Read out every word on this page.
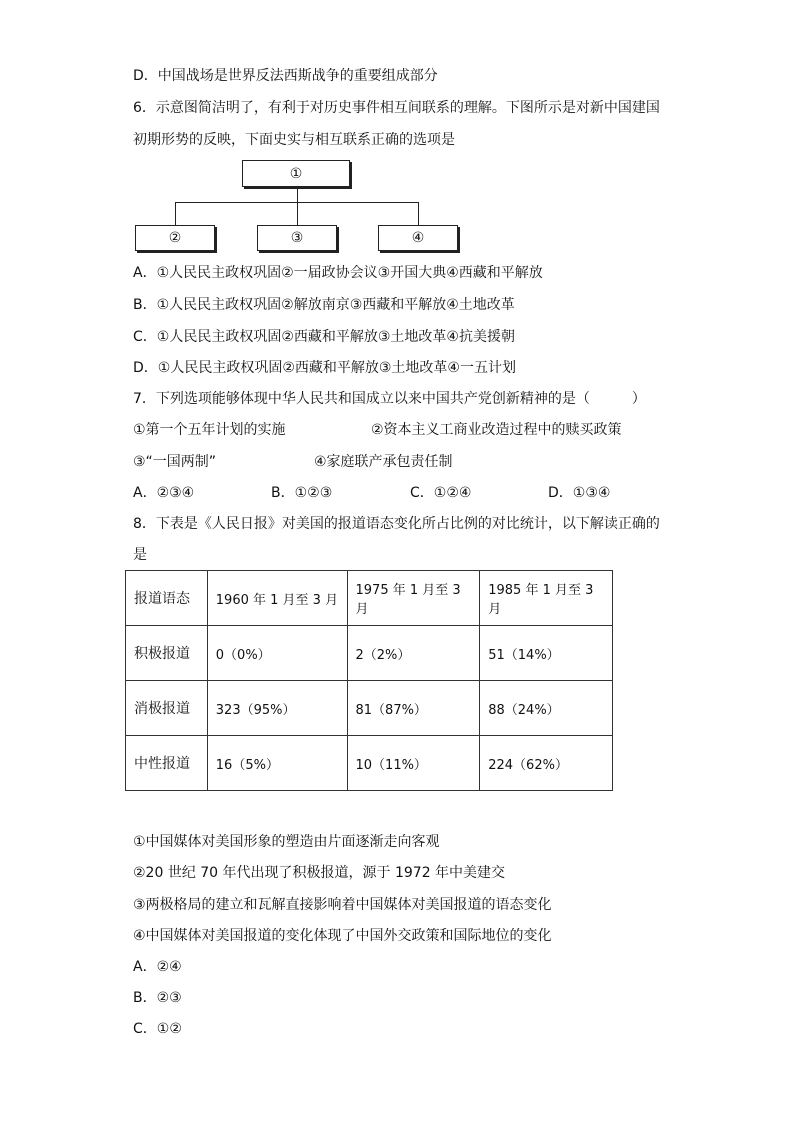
D．中国战场是世界反法西斯战争的重要组成部分
6．示意图简洁明了，有利于对历史事件相互间联系的理解。下图所示是对新中国建国
初期形势的反映，下面史实与相互联系正确的选项是
①
②	③	④
A．①人民民主政权巩固②一届政协会议③开国大典④西藏和平解放
B．①人民民主政权巩固②解放南京③西藏和平解放④土地改革
C．①人民民主政权巩固②西藏和平解放③土地改革④抗美援朝
D．①人民民主政权巩固②西藏和平解放③土地改革④一五计划
7．下列选项能够体现中华人民共和国成立以来中国共产党创新精神的是（　　　）
①第一个五年计划的实施	②资本主义工商业改造过程中的赎买政策
③“一国两制”	④家庭联产承包责任制
A．②③④	B．①②③	C．①②④	D．①③④
8．下表是《人民日报》对美国的报道语态变化所占比例的对比统计，以下解读正确的
是
报道语态	1960 年 1 月至 3 月	1975 年 1 月至 3 月	1985 年 1 月至 3 月
积极报道	0（0%）	2（2%）	51（14%）
消极报道	323（95%）	81（87%）	88（24%）
中性报道	16（5%）	10（11%）	224（62%）
①中国媒体对美国形象的塑造由片面逐渐走向客观
②20 世纪 70 年代出现了积极报道，源于 1972 年中美建交
③两极格局的建立和瓦解直接影响着中国媒体对美国报道的语态变化
④中国媒体对美国报道的变化体现了中国外交政策和国际地位的变化
A．②④
B．②③
C．①②
